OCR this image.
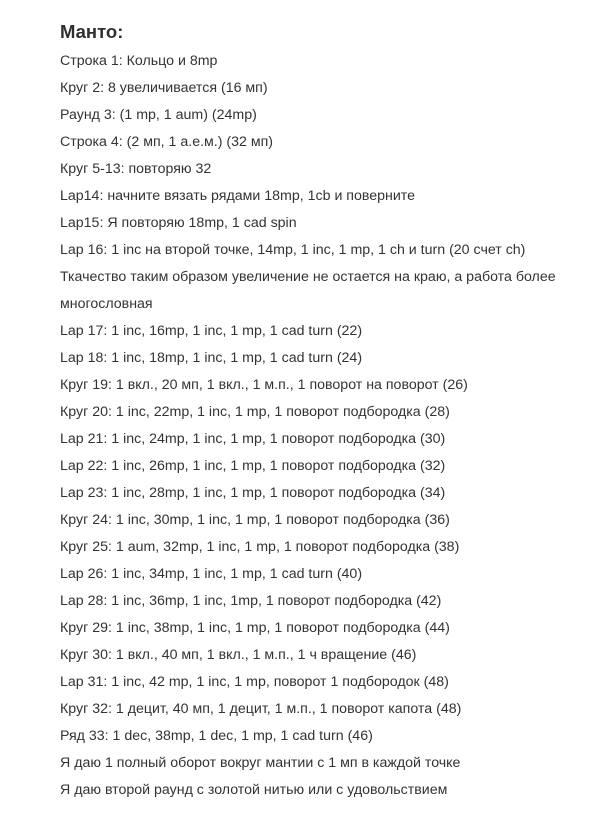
Манто:
Строка 1: Кольцо и 8mp
Круг 2: 8 увеличивается (16 мп)
Раунд 3: (1 mp, 1 aum) (24mp)
Строка 4: (2 мп, 1 а.е.м.) (32 мп)
Круг 5-13: повторяю 32
Lap14: начните вязать рядами 18mp, 1cb и поверните
Lap15: Я повторяю 18mp, 1 cad spin
Lap 16: 1 inc на второй точке, 14mp, 1 inc, 1 mp, 1 ch и turn (20 счет ch)
Ткачество таким образом увеличение не остается на краю, а работа более многословная
Lap 17: 1 inc, 16mp, 1 inc, 1 mp, 1 cad turn (22)
Lap 18: 1 inc, 18mp, 1 inc, 1 mp, 1 cad turn (24)
Круг 19: 1 вкл., 20 мп, 1 вкл., 1 м.п., 1 поворот на поворот (26)
Круг 20: 1 inc, 22mp, 1 inc, 1 mp, 1 поворот подбородка (28)
Lap 21: 1 inc, 24mp, 1 inc, 1 mp, 1 поворот подбородка (30)
Lap 22: 1 inc, 26mp, 1 inc, 1 mp, 1 поворот подбородка (32)
Lap 23: 1 inc, 28mp, 1 inc, 1 mp, 1 поворот подбородка (34)
Круг 24: 1 inc, 30mp, 1 inc, 1 mp, 1 поворот подбородка (36)
Круг 25: 1 aum, 32mp, 1 inc, 1 mp, 1 поворот подбородка (38)
Lap 26: 1 inc, 34mp, 1 inc, 1 mp, 1 cad turn (40)
Lap 28: 1 inc, 36mp, 1 inc, 1mp, 1 поворот подбородка (42)
Круг 29: 1 inc, 38mp, 1 inc, 1 mp, 1 поворот подбородка (44)
Круг 30: 1 вкл., 40 мп, 1 вкл., 1 м.п., 1 ч вращение (46)
Lap 31: 1 inc, 42 mp, 1 inc, 1 mp, поворот 1 подбородок (48)
Круг 32: 1 децит, 40 мп, 1 децит, 1 м.п., 1 поворот капота (48)
Ряд 33: 1 dec, 38mp, 1 dec, 1 mp, 1 cad turn (46)
Я даю 1 полный оборот вокруг мантии с 1 мп в каждой точке
Я даю второй раунд с золотой нитью или с удовольствием
